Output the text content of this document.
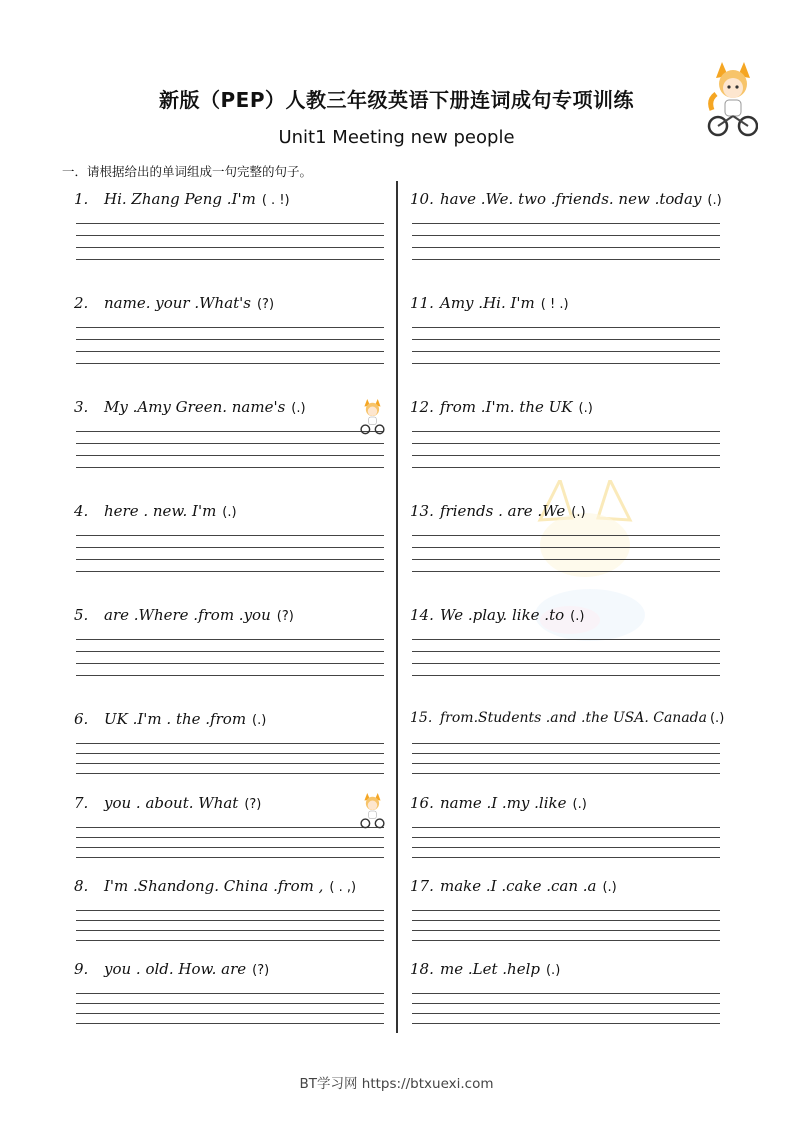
新版（PEP）人教三年级英语下册连词成句专项训练
Unit1 Meeting new people
一．请根据给出的单词组成一句完整的句子。
1. Hi. Zhang Peng .I'm ( . !)
2. name. your .What's (?)
3. My .Amy Green. name's (.)
4. here . new. I'm (.)
5. are .Where .from .you (?)
6. UK .I'm . the .from (.)
7. you . about. What (?)
8. I'm .Shandong. China .from , ( . ,)
9. you . old. How. are (?)
10. have .We. two .friends. new .today (.)
11. Amy .Hi. I'm ( ! .)
12. from .I'm. the UK (.)
13. friends . are .We (.)
14. We .play. like .to (.)
15. from.Students .and .the USA. Canada (.)
16. name .I .my .like (.)
17. make .I .cake .can .a (.)
18. me .Let .help (.)
BT学习网 https://btxuexi.com
